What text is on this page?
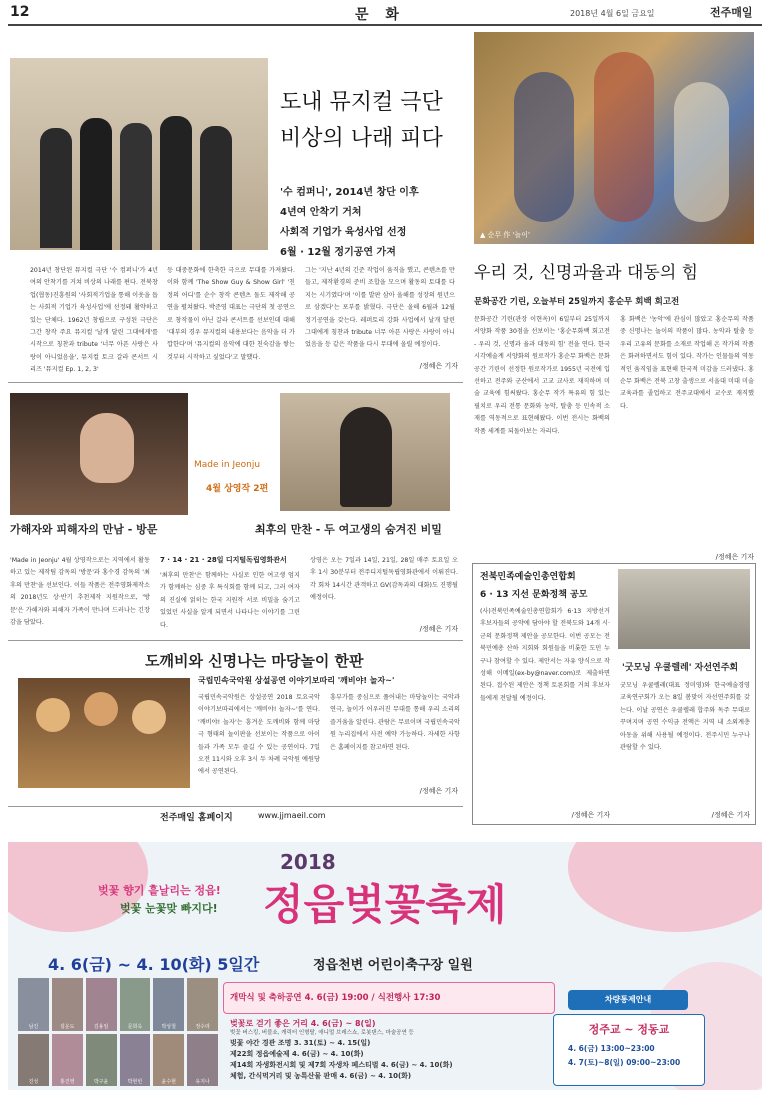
12	문 화	2018년 4월 6일 금요일	전주매일
도내 뮤지컬 극단
비상의 나래 피다
'수 컴퍼니', 2014년 창단 이후
4년여 안착기 거쳐
사회적 기업가 육성사업 선정
6월 · 12월 정기공연 가져
2014년 창단된 뮤지컬 극단 '수 컴퍼니'가 4년여의 안착기를 거쳐 비상의 나래를 편다. 전북창업(협동)진흥원의 '사회적기업을 통해 이웃을 돕는 사회적 기업가 육성사업'에 선정돼 활약하고 있는 단체다. 1962년 창립으로 구성된 극단은 그간 창작 주요 뮤지컬 '날개 달린 그대에게'를 시작으로 칭찬과 tribute '너무 아픈 사랑은 사랑이 아니었음을', 뮤지컬 토크 갈라 콘서트 시리즈 '뮤지컬 Ep. 1, 2, 3'
등 대중문화에 한축한 극으로 무대를 가져왔다. 이와 함께 'The Show Guy & Show Girl' '친정의 어디'를 순수 창작 콘텐츠 돌도 제작해 공연을 펼쳐왔다. 박준영 대표는 극단의 첫 공연으로 창작물이 아닌 갈라 콘서트를 선보인데 대해 '대부의 경우 뮤지컬의 내용보다는 음악을 더 가깝한다'며 '뮤지컬의 음악에 대한 친숙감을 쌓는 것부터 시작하고 싶었다'고 말했다.
그는 '지난 4년의 긴준 작업이 움직을 했고, 콘텐츠를 만들고, 제작환경의 준비 조합을 모으며 활동의 토대를 다지는 시기였다'며 '이를 발판 삼아 올해를 성장의 원년으로 삼겠다'는 포부를 밝혔다. 극단은 올해 6월과 12월 정기공연을 갖는다. 레퍼토리 강화 사업에서 날개 달린 그대에게 칭찬과 tribute 너무 아픈 사랑은 사랑이 아니었음을 등 같은 작품을 다시 무대에 올릴 예정이다.
/정혜은 기자
▲ 순무 作 '놀이'
우리 것, 신명과율과 대동의 힘
문화공간 기린, 오늘부터 25일까지 홍순무 회백 회고전
문화공간 기린(관장 이현옥)이 6일부터 25일까지 서양화 작품 30점을 선보이는 '홍순무화백 회고전 - 우리 것, 신명과 율과 대동의 힘' 전을 연다. 한국 시각예술계 서양화의 원로작가 홍순무 화백은 문화공간 기린이 선정한 원로작가로 1955년 국전에 입선하고 전주와 군산에서 고교 교사로 재직하며 미술 교육에 힘써왔다. 홍순무 작가 특유의 힘 있는 필치로 우리 전통 문화와 농악, 탈춤 등 민속적 소재를 역동적으로 표현해왔다. 이번 전시는 화백의 작품 세계를 되돌아보는 자리다.
홍 화백은 '농악'에 관심이 많았고 홍순무의 작품 중 신명나는 놀이의 작품이 많다. 농악과 탈춤 등 우리 고유의 문화를 소재로 작업해 온 작가의 작품은 화려하면서도 힘이 있다. 작가는 인물들의 역동적인 움직임을 표현해 한국적 미감을 드러냈다. 홍순무 화백은 전북 고창 출생으로 서울대 미대 미술교육과를 졸업하고 전주교대에서 교수로 재직했다.
/정혜은 기자
Made in Jeonju
4월 상영작 2편
가해자와 피해자의 만남 - 방문	최후의 만찬 - 두 여고생의 숨겨진 비밀
'Made in Jeonju' 4월 상영작으로는 지역에서 활동하고 있는 제작팀 감독의 '방문'과 홍수경 감독의 '최후의 만찬'을 선보인다. 이들 작품은 전주영화제작소의 2018년도 상·반기 추천제작 지원작으로, '방문'은 가해자와 피해자 가족이 만나며 드러나는 긴장감을 담았다.
7 · 14 · 21 · 28일 디지털독립영화관서
'최후의 만찬'은 함께하는 사실로 인한 여고생 엄지가 함께하는 심중 후 특식회를 함께 되고, 그러 여자의 진실에 얽히는 한국 지원작 서로 비밀을 숨기고 있었던 사실을 알게 되면서 나타나는 이야기를 그린다.
상영은 오는 7일과 14일, 21일, 28일 매주 토요일 오후 1시 30분부터 전주디지털독립영화관에서 이뤄진다. 각 회차 14시간 관객하고 GV(감독과의 대화)도 진행될 예정이다.
/정혜은 기자
도깨비와 신명나는 마당놀이 한판
국립민속국악원 상설공연 이야기보따리 '깨비야! 놀자~'
국립민속국악원은 상설공연 2018 토요국악 이야기보따리에서는 '깨비야! 놀자~'를 연다. '깨비야! 놀자'는 흥겨운 도깨비와 함께 마당극 형태의 놀이판을 선보이는 작품으로 아이들과 가족 모두 즐길 수 있는 공연이다. 7일 오전 11시와 오후 3시 두 차례 국악원 예원당에서 공연된다.
흥부가를 중심으로 풀어내는 마당놀이는 국악과 연극, 놀이가 어우러진 무대를 통해 우리 소리의 즐거움을 알린다. 관람은 무료이며 국립민속국악원 누리집에서 사전 예약 가능하다. 자세한 사항은 홈페이지를 참고하면 된다.
/정혜은 기자
전주매일 홈페이지	www.jjmaeil.com
전북민족예술인총연합회
6 · 13 지선 문화정책 공모
(사)전북민족예술인총연합회가 6·13 지방선거 후보자들의 공약에 담아야 할 전북도와 14개 시·군의 문화정책 제안을 공모한다. 이번 공모는 전북민예총 산하 지회와 회원들을 비롯한 도민 누구나 참여할 수 있다. 제안서는 자유 양식으로 작성해 이메일(ex-by@naver.com)로 제출하면 된다. 접수된 제안은 정책 토론회를 거쳐 후보자들에게 전달될 예정이다.
/정혜은 기자
'굿모닝 우쿨렐레' 자선연주회
굿모닝 우쿨렐레(대표 정미영)와 한국예술경영교육연구회가 오는 8일 봄맞이 자선연주회를 갖는다. 이날 공연은 우쿨렐레 합주와 독주 무대로 꾸며지며 공연 수익금 전액은 지역 내 소외계층 아동을 위해 사용될 예정이다. 전주시민 누구나 관람할 수 있다.
/정혜은 기자
2018
정읍벚꽃축제
벚꽃 향기 흩날리는 정읍!
벚꽃 눈꽃맞 빠지다!
4. 6(금) ~ 4. 10(화) 5일간	정읍천변 어린이축구장 일원
남진	설운도	김용임	문희옥	박상철	정수라
진성	홍진영	박구윤	박현빈	윤수현	유지나
개막식 및 축하공연 4. 6(금) 19:00 / 식전행사 17:30
벚꽃로 걷기 좋은 거리 4. 6(금) ~ 8(일)
벚꽃 버스킹, 버블쇼, 캐릭터 인형탈, 애니멀 브레스쇼, 로봇댄스, 마술공연 등
벚꽃 야간 경관 조명 3. 31(토) ~ 4. 15(일)
제22회 정읍예술제 4. 6(금) ~ 4. 10(화)
제14회 자생화전시회 및 제7회 자생차 페스티벌 4. 6(금) ~ 4. 10(화)
체험, 간식먹거리 및 농특산물 판매 4. 6(금) ~ 4. 10(화)
차량통제안내
정주교 ~ 정동교
4. 6(금) 13:00~23:00
4. 7(토)~8(일) 09:00~23:00
